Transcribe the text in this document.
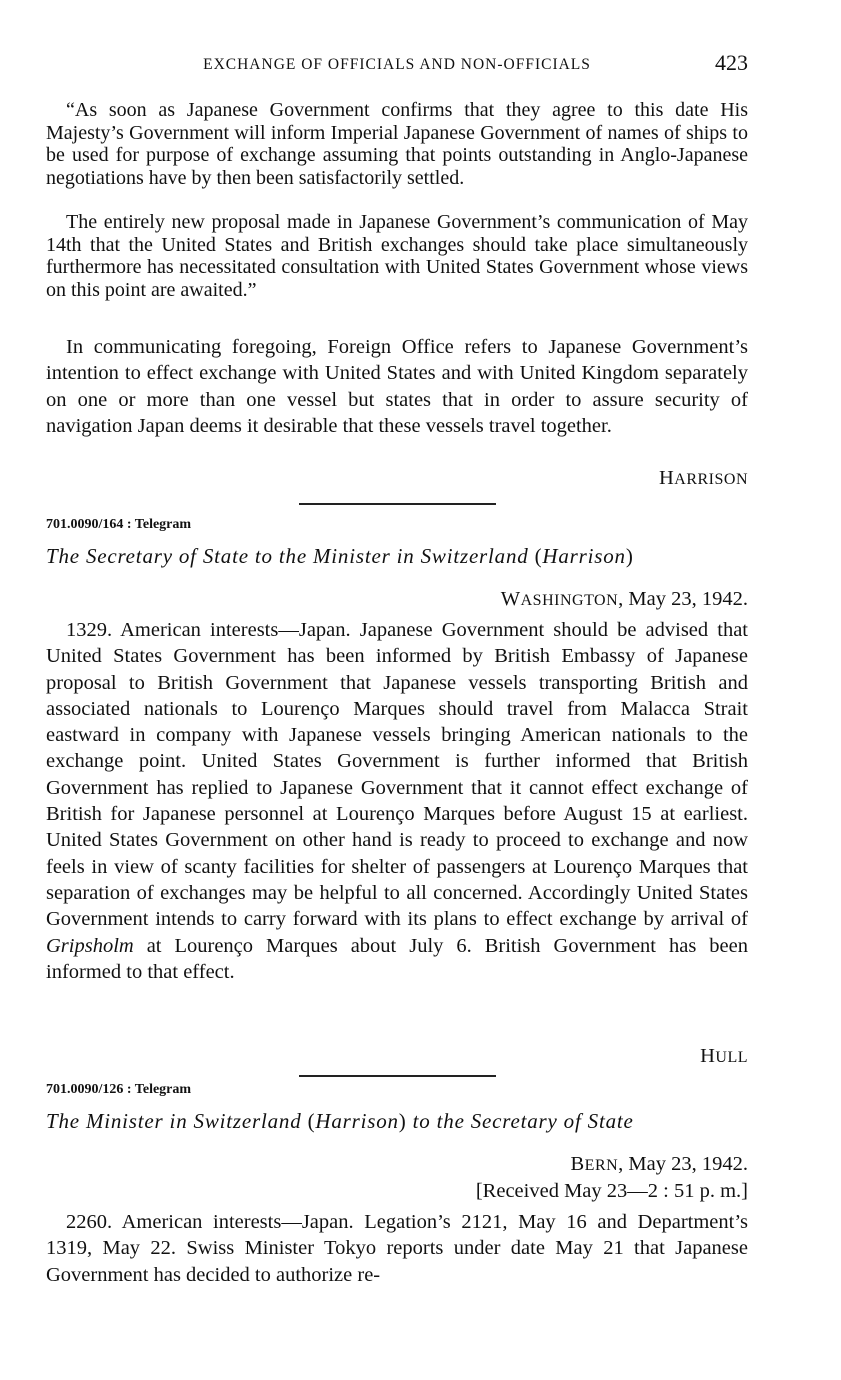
EXCHANGE OF OFFICIALS AND NON-OFFICIALS	423

“As soon as Japanese Government confirms that they agree to this date His Majesty’s Government will inform Imperial Japanese Government of names of ships to be used for purpose of exchange assuming that points outstanding in Anglo-Japanese negotiations have by then been satisfactorily settled.

The entirely new proposal made in Japanese Government’s communication of May 14th that the United States and British exchanges should take place simultaneously furthermore has necessitated consultation with United States Government whose views on this point are awaited.”

In communicating foregoing, Foreign Office refers to Japanese Government’s intention to effect exchange with United States and with United Kingdom separately on one or more than one vessel but states that in order to assure security of navigation Japan deems it desirable that these vessels travel together.

HARRISON
701.0090/164 : Telegram
The Secretary of State to the Minister in Switzerland (Harrison)
WASHINGTON, May 23, 1942.

1329. American interests—Japan. Japanese Government should be advised that United States Government has been informed by British Embassy of Japanese proposal to British Government that Japanese vessels transporting British and associated nationals to Lourenço Marques should travel from Malacca Strait eastward in company with Japanese vessels bringing American nationals to the exchange point. United States Government is further informed that British Government has replied to Japanese Government that it cannot effect exchange of British for Japanese personnel at Lourenço Marques before August 15 at earliest. United States Government on other hand is ready to proceed to exchange and now feels in view of scanty facilities for shelter of passengers at Lourenço Marques that separation of exchanges may be helpful to all concerned. Accordingly United States Government intends to carry forward with its plans to effect exchange by arrival of Gripsholm at Lourenço Marques about July 6. British Government has been informed to that effect.

HULL
701.0090/126 : Telegram
The Minister in Switzerland (Harrison) to the Secretary of State
BERN, May 23, 1942.
[Received May 23—2 : 51 p. m.]

2260. American interests—Japan. Legation’s 2121, May 16 and Department’s 1319, May 22. Swiss Minister Tokyo reports under date May 21 that Japanese Government has decided to authorize re-
